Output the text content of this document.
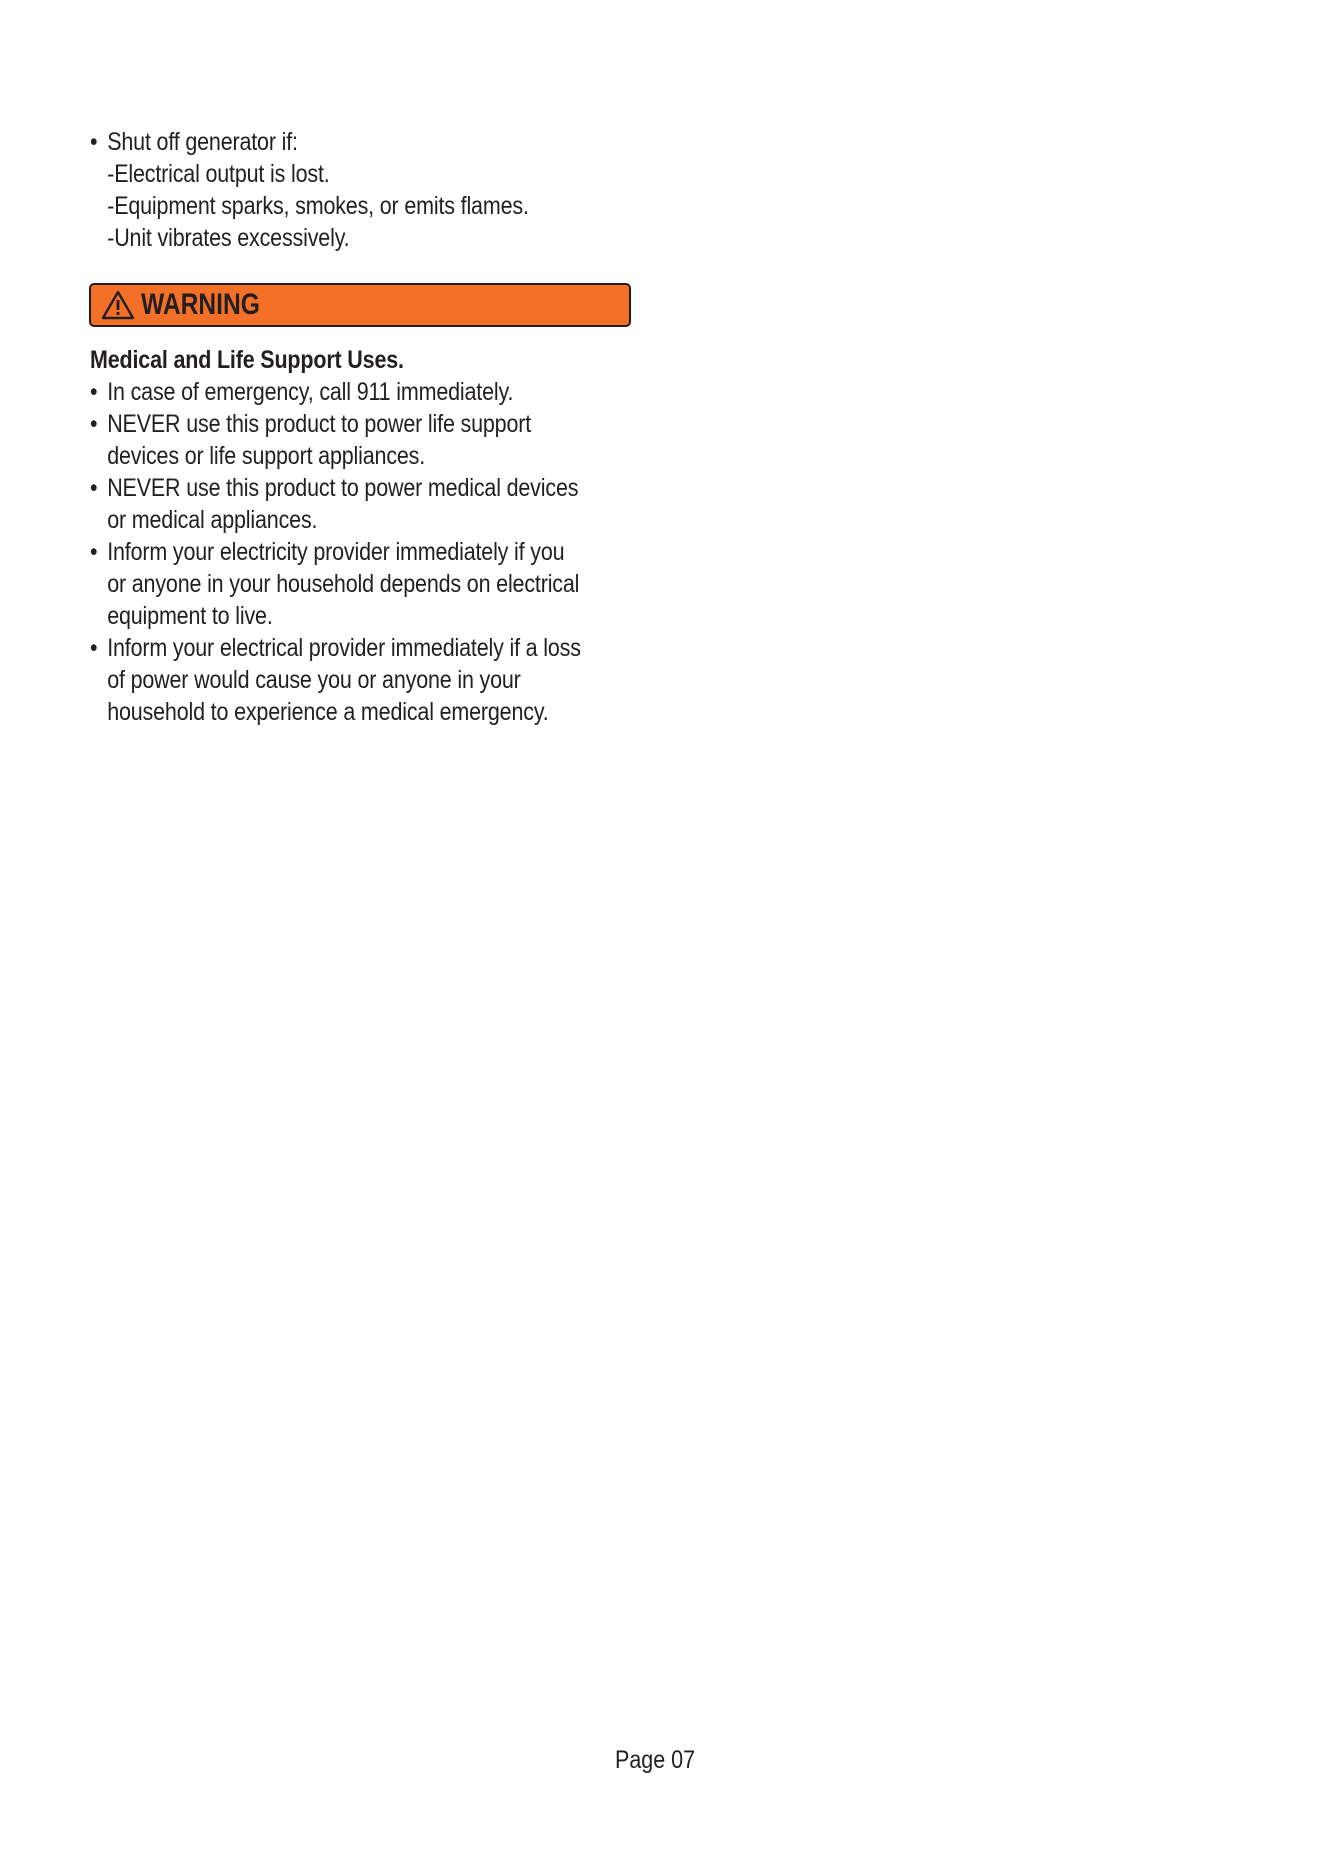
• Shut off generator if:
-Electrical output is lost.
-Equipment sparks, smokes, or emits flames.
-Unit vibrates excessively.
WARNING
Medical and Life Support Uses.
• In case of emergency, call 911 immediately.
• NEVER use this product to power life support
devices or life support appliances.
• NEVER use this product to power medical devices
or medical appliances.
• Inform your electricity provider immediately if you
or anyone in your household depends on electrical
equipment to live.
• Inform your electrical provider immediately if a loss
of power would cause you or anyone in your
household to experience a medical emergency.
Page 07
